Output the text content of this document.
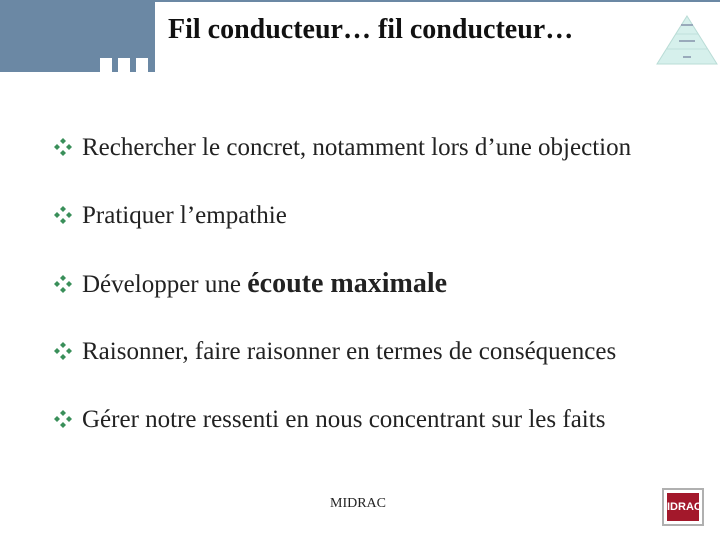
Fil conducteur… fil conducteur…
Rechercher le concret, notamment lors d’une objection
Pratiquer l’empathie
Développer une écoute maximale
Raisonner, faire raisonner en termes de conséquences
Gérer notre ressenti en nous concentrant sur les faits
MIDRAC	IDRAC
